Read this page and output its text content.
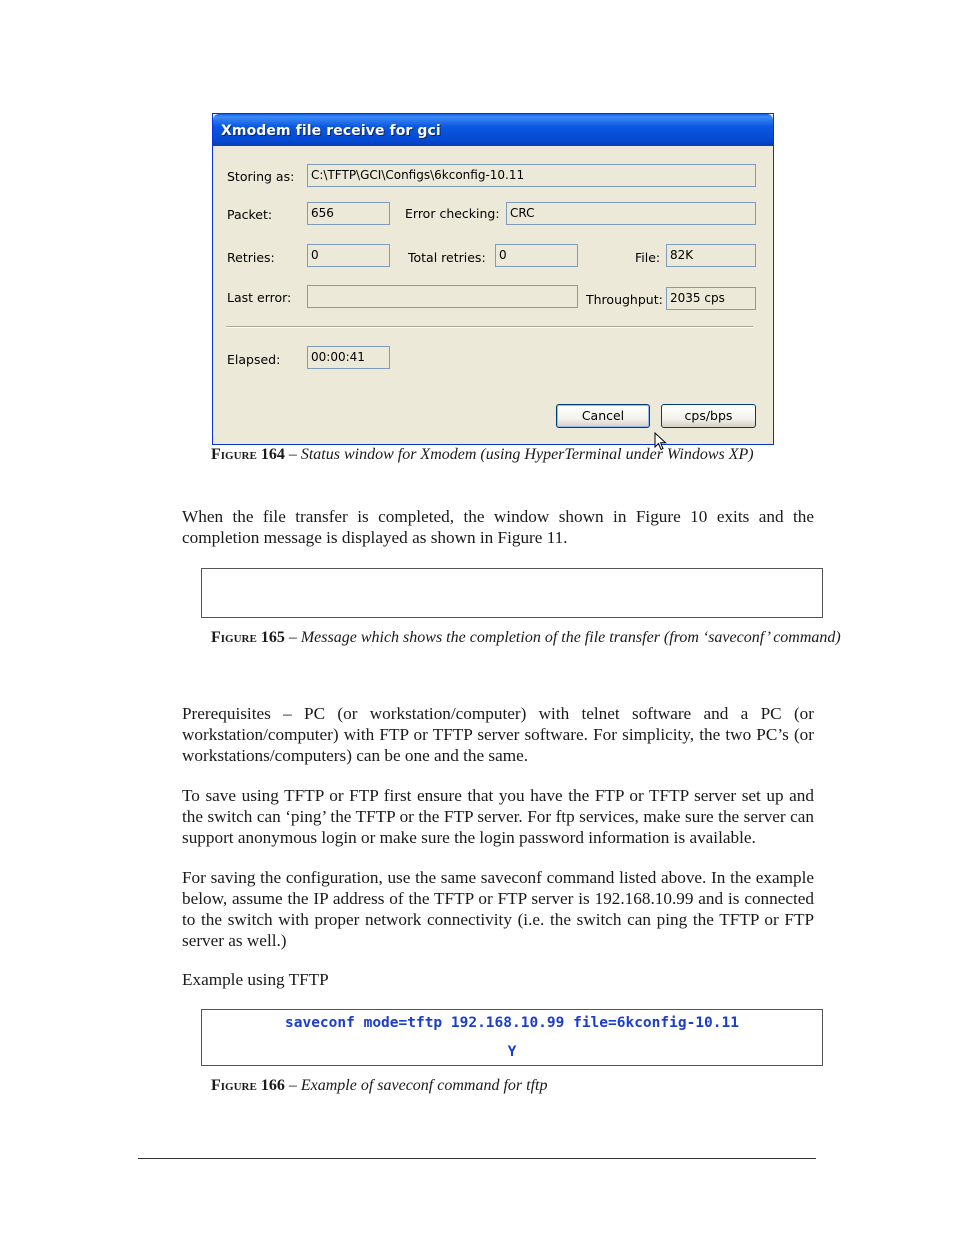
Xmodem file receive for gci
Storing as:	C:\TFTP\GCI\Configs\6kconfig-10.11
Packet:	656	Error checking: CRC
Retries:	0	Total retries:	0	File: 82K
Last error:	Throughput: 2035 cps
Elapsed:	00:00:41
Cancel	cps/bps
Figure 164 – Status window for Xmodem (using HyperTerminal under Windows XP)

When the file transfer is completed, the window shown in Figure 10 exits and the completion message is displayed as shown in Figure 11.

Figure 165 – Message which shows the completion of the file transfer (from ‘saveconf’ command)

Prerequisites – PC (or workstation/computer) with telnet software and a PC (or workstation/computer) with FTP or TFTP server software. For simplicity, the two PC’s (or workstations/computers) can be one and the same.

To save using TFTP or FTP first ensure that you have the FTP or TFTP server set up and the switch can ‘ping’ the TFTP or the FTP server. For ftp services, make sure the server can support anonymous login or make sure the login password information is available.

For saving the configuration, use the same saveconf command listed above. In the example below, assume the IP address of the TFTP or FTP server is 192.168.10.99 and is connected to the switch with proper network connectivity (i.e. the switch can ping the TFTP or FTP server as well.)

Example using TFTP

saveconf mode=tftp 192.168.10.99 file=6kconfig-10.11
Y
Figure 166 – Example of saveconf command for tftp
